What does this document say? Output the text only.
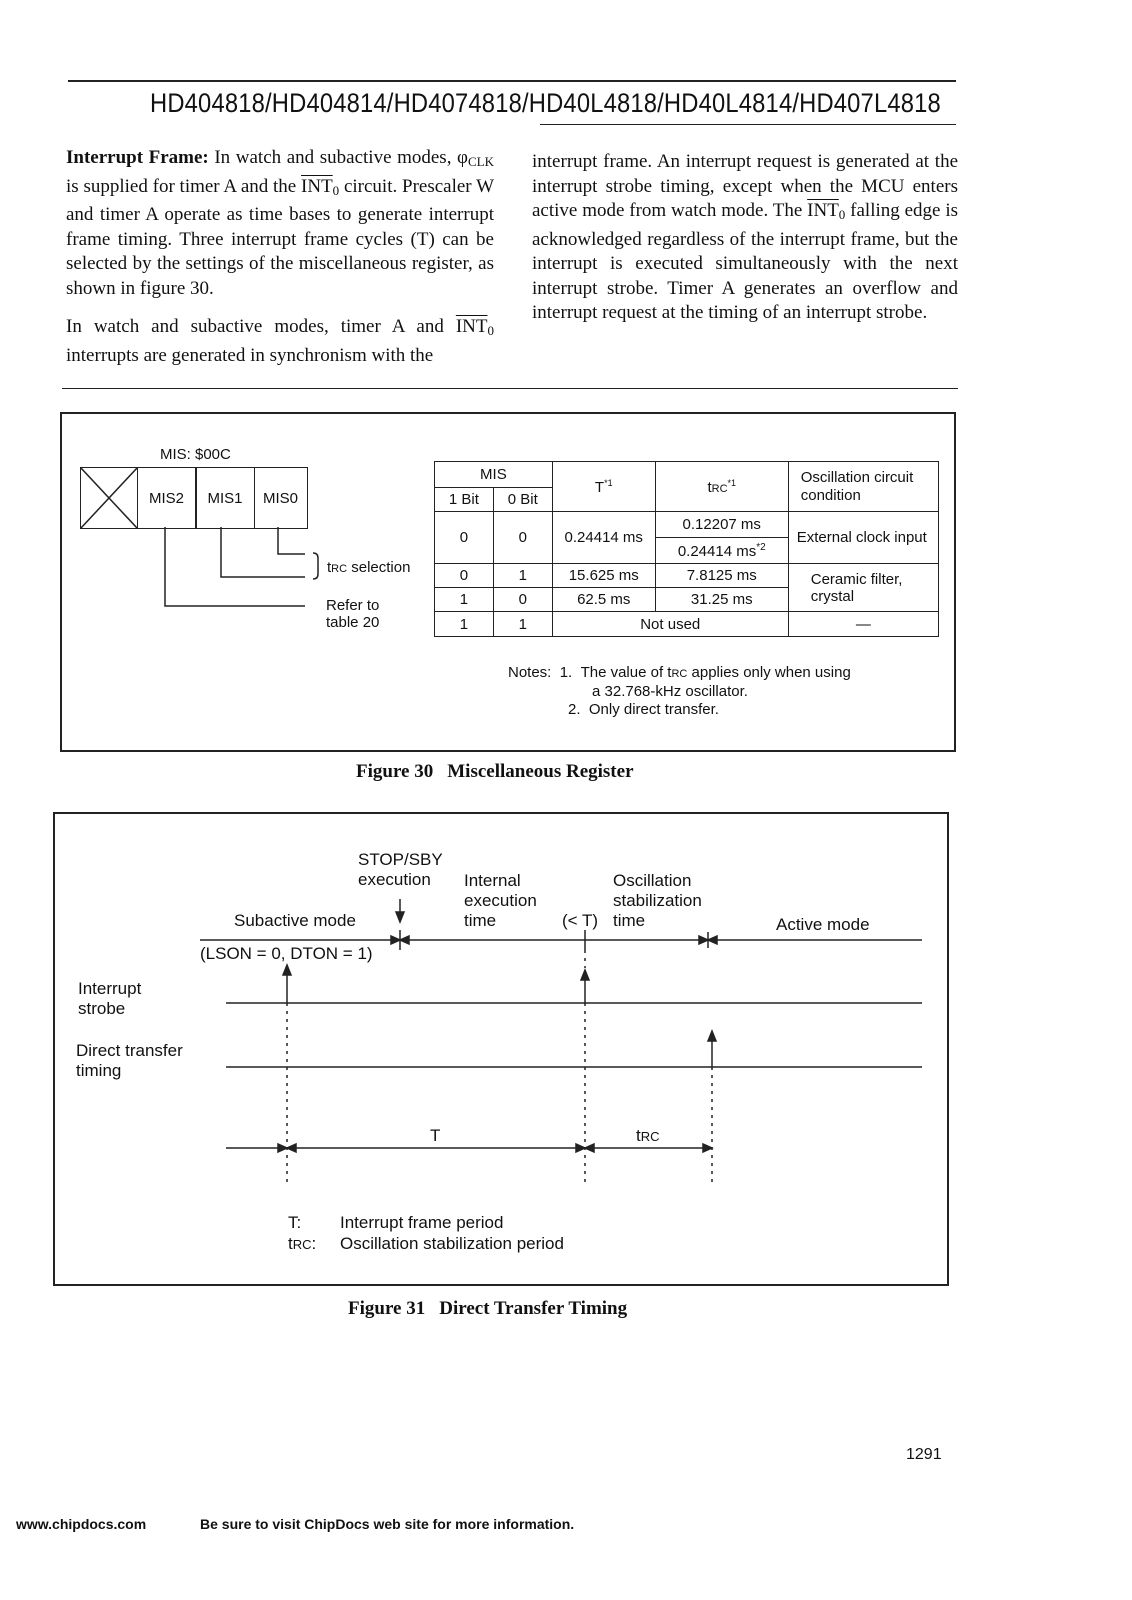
HD404818/HD404814/HD4074818/HD40L4818/HD40L4814/HD407L4818

Interrupt Frame: In watch and subactive modes, $\varphi_{CLK}$ is supplied for timer A and the $\overline{INT}_0$ circuit. Prescaler W and timer A operate as time bases to generate interrupt frame timing. Three interrupt frame cycles (T) can be selected by the settings of the miscellaneous register, as shown in figure 30.

In watch and subactive modes, timer A and $\overline{INT}_0$ interrupts are generated in synchronism with the

interrupt frame. An interrupt request is generated at the interrupt strobe timing, except when the MCU enters active mode from watch mode. The $\overline{INT}_0$ falling edge is acknowledged regardless of the interrupt frame, but the interrupt is executed simultaneously with the next interrupt strobe. Timer A generates an overflow and interrupt request at the timing of an interrupt strobe.

MIS: $00C
MIS2	MIS1	MIS0
tRC selection
Refer to
table 20
MIS		$T^{*1}$	tRC$^{*1}$	Oscillation circuit
condition

1 Bit	0 Bit			
0	0	0.24414 ms	0.12207 ms	External clock input
			0.24414 $ms^{*2}$
0	1	15.625 ms	7.8125 ms	Ceramic filter,
crystal

1	0	62.5 ms	31.25 ms	
1	1	Not used		—
Notes: 1. The value of tRC applies only when using
a 32.768-kHz oscillator.
2. Only direct transfer.
Figure 30 Miscellaneous Register
STOP/SBY
execution	Internal
execution
time	(< T)
Oscillation
stabilization
time
Subactive mode	Active mode
(LSON = 0, DTON = 1)
Interrupt
strobe
Direct transfer
timing
T	tRC
T: Interrupt frame period
tRC: Oscillation stabilization period
Figure 31 Direct Transfer Timing
1291
www.chipdocs.com	Be sure to visit ChipDocs web site for more information.
